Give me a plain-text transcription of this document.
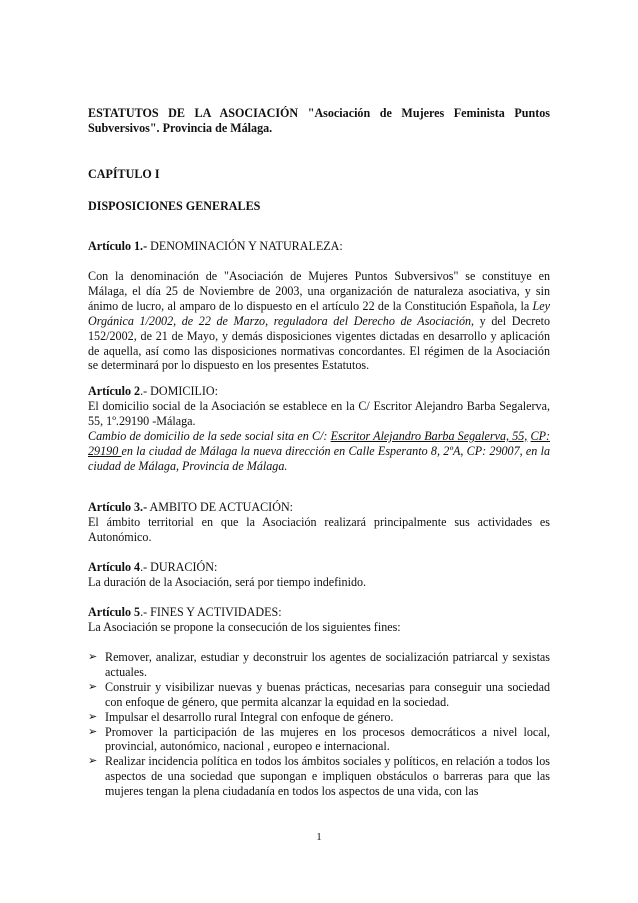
ESTATUTOS DE LA ASOCIACIÓN "Asociación de Mujeres Feminista Puntos
Subversivos". Provincia de Málaga.
CAPÍTULO I
DISPOSICIONES GENERALES
Artículo 1.- DENOMINACIÓN Y NATURALEZA:

Con la denominación de "Asociación de Mujeres Puntos Subversivos" se constituye en Málaga, el día 25 de Noviembre de 2003, una organización de naturaleza asociativa, y sin ánimo de lucro, al amparo de lo dispuesto en el artículo 22 de la Constitución Española, la Ley Orgánica 1/2002, de 22 de Marzo, reguladora del Derecho de Asociación, y del Decreto 152/2002, de 21 de Mayo, y demás disposiciones vigentes dictadas en desarrollo y aplicación de aquella, así como las disposiciones normativas concordantes. El régimen de la Asociación se determinará por lo dispuesto en los presentes Estatutos.

Artículo 2.- DOMICILIO:

El domicilio social de la Asociación se establece en la C/ Escritor Alejandro Barba Segalerva, 55, 1º.29190 -Málaga.

Cambio de domicilio de la sede social sita en C/: Escritor Alejandro Barba Segalerva, 55, CP: 29190 en la ciudad de Málaga la nueva dirección en Calle Esperanto 8, 2ºA, CP: 29007, en la ciudad de Málaga, Provincia de Málaga.

Artículo 3.- AMBITO DE ACTUACIÓN:

El ámbito territorial en que la Asociación realizará principalmente sus actividades es Autonómico.

Artículo 4.- DURACIÓN:

La duración de la Asociación, será por tiempo indefinido.

Artículo 5.- FINES Y ACTIVIDADES:

La Asociación se propone la consecución de los siguientes fines:

➢ Remover, analizar, estudiar y deconstruir los agentes de socialización patriarcal y sexistas actuales.
➢ Construir y visibilizar nuevas y buenas prácticas, necesarias para conseguir una sociedad con enfoque de género, que permita alcanzar la equidad en la sociedad.
➢ Impulsar el desarrollo rural Integral con enfoque de género.
➢ Promover la participación de las mujeres en los procesos democráticos a nivel local, provincial, autonómico, nacional , europeo e internacional.
➢ Realizar incidencia política en todos los ámbitos sociales y políticos, en relación a todos los aspectos de una sociedad que supongan e impliquen obstáculos o barreras para que las mujeres tengan la plena ciudadanía en todos los aspectos de una vida, con las
1
